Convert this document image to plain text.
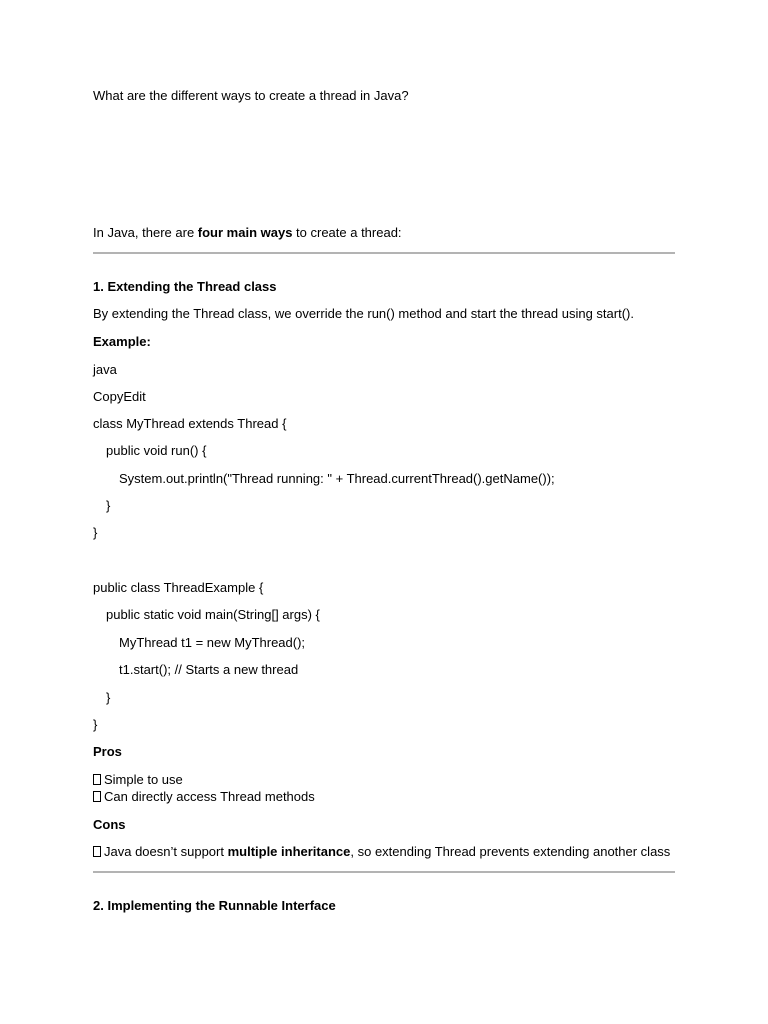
What are the different ways to create a thread in Java?
In Java, there are four main ways to create a thread:
1. Extending the Thread class
By extending the Thread class, we override the run() method and start the thread using start().
Example:
java
CopyEdit
class MyThread extends Thread {
public void run() {
System.out.println("Thread running: " + Thread.currentThread().getName());
}
}
public class ThreadExample {
public static void main(String[] args) {
MyThread t1 = new MyThread();
t1.start(); // Starts a new thread
}
}
Pros
Simple to use
Can directly access Thread methods
Cons
Java doesn’t support multiple inheritance, so extending Thread prevents extending another class
2. Implementing the Runnable Interface
